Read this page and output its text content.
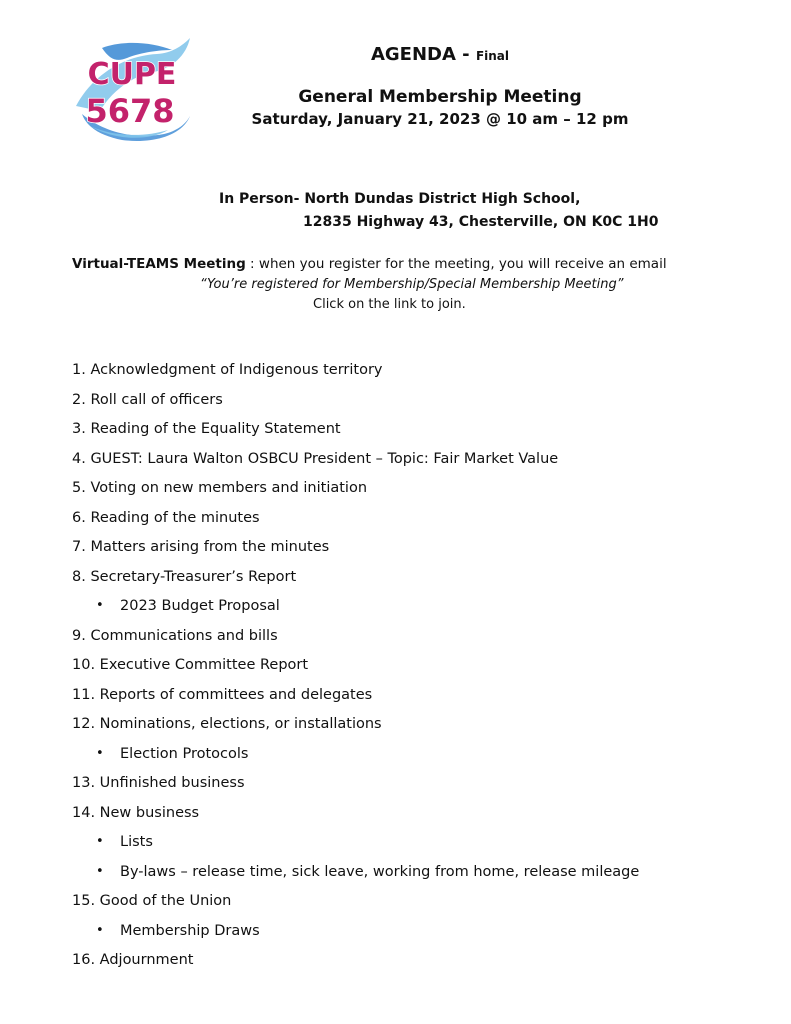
CUPE
5678
AGENDA - Final
General Membership Meeting
Saturday, January 21, 2023 @ 10 am – 12 pm
In Person- North Dundas District High School,
12835 Highway 43, Chesterville, ON K0C 1H0
Virtual-TEAMS Meeting : when you register for the meeting, you will receive an email
“You’re registered for Membership/Special Membership Meeting”
Click on the link to join.
1. Acknowledgment of Indigenous territory
2. Roll call of officers
3. Reading of the Equality Statement
4. GUEST: Laura Walton OSBCU President – Topic: Fair Market Value
5. Voting on new members and initiation
6. Reading of the minutes
7. Matters arising from the minutes
8. Secretary-Treasurer’s Report
•	2023 Budget Proposal
9. Communications and bills
10. Executive Committee Report
11. Reports of committees and delegates
12. Nominations, elections, or installations
•	Election Protocols
13. Unfinished business
14. New business
•	Lists
•	By-laws – release time, sick leave, working from home, release mileage
15. Good of the Union
•	Membership Draws
16. Adjournment
